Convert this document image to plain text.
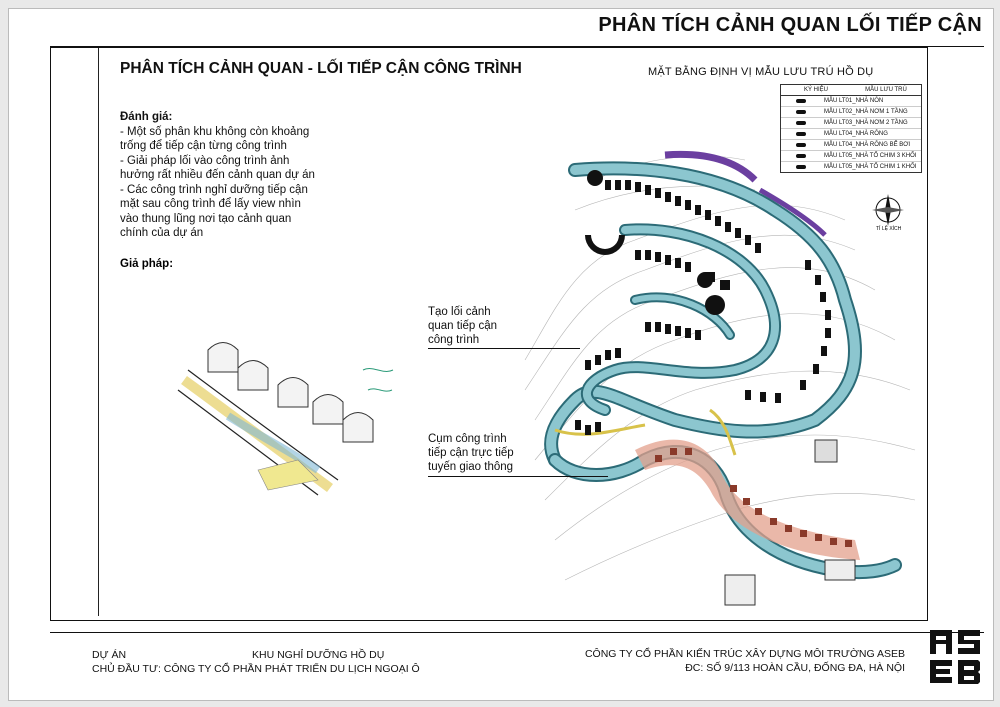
PHÂN TÍCH CẢNH QUAN LỐI TIẾP CẬN
PHÂN TÍCH CẢNH QUAN - LỐI TIẾP CẬN CÔNG TRÌNH
Đánh giá:
- Một số phân khu không còn khoảng
trống để tiếp cận từng công trình
- Giải pháp lối vào công trình ảnh
hưởng rất nhiều đến cảnh quan dự án
- Các công trình nghỉ dưỡng tiếp cận
mặt sau công trình để lấy view nhìn
vào thung lũng nơi tạo cảnh quan
chính của dự án
Giả pháp:
MẶT BẰNG ĐỊNH VỊ MẪU LƯU TRÚ HỒ DỤ
KÝ HIỆU	MẪU LƯU TRÚ
MẪU LT01_NHÀ NÓN
MẪU LT02_NHÀ NƠM 1 TẦNG
MẪU LT03_NHÀ NƠM 2 TẦNG
MẪU LT04_NHÀ RÔNG
MẪU LT04_NHÀ RÔNG BỂ BƠI
MẪU LT05_NHÀ TỔ CHIM 3 KHỐI
MẪU LT05_NHÀ TỔ CHIM 1 KHỐI
TỈ LỆ XÍCH
Tạo lối cảnh
quan tiếp cận
công trình
Cụm công trình
tiếp cận trực tiếp
tuyến giao thông
DỰ ÁN	KHU NGHỈ DƯỠNG HỒ DỤ
CHỦ ĐẦU TƯ: CÔNG TY CỔ PHẦN PHÁT TRIỂN DU LỊCH NGOẠI Ô
CÔNG TY CỔ PHẦN KIẾN TRÚC XÂY DỰNG MÔI TRƯỜNG ASEB
ĐC: SỐ 9/113 HOÀN CẦU, ĐỐNG ĐA, HÀ NỘI
